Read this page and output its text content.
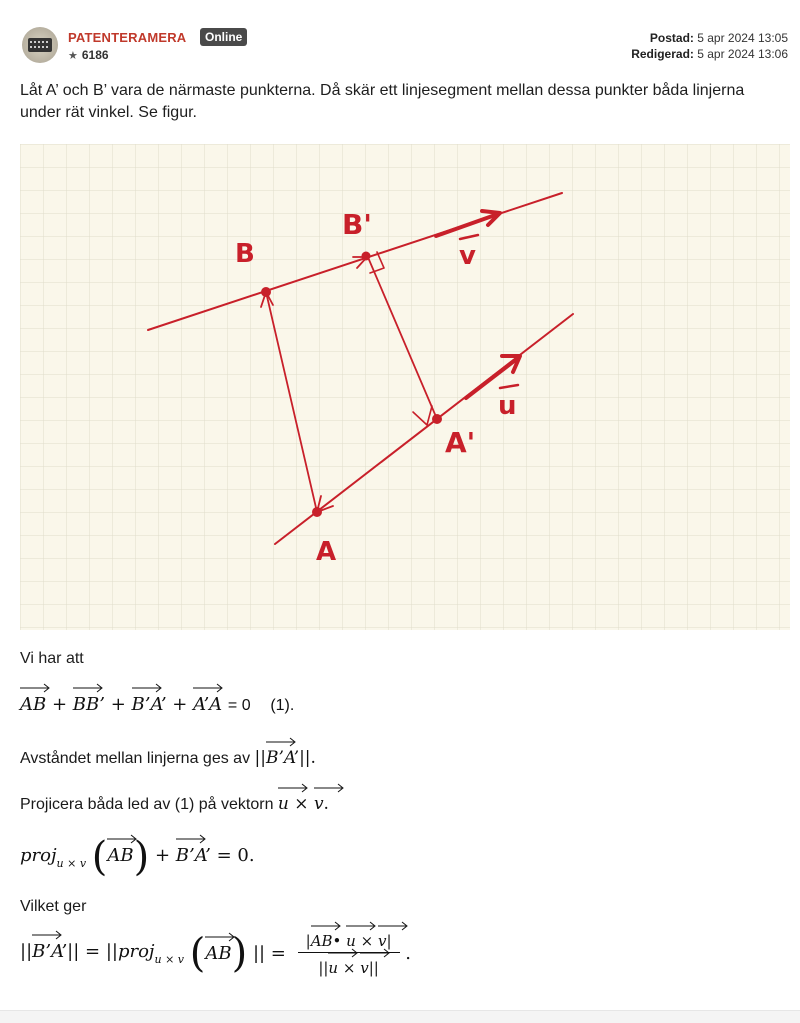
PATENTERAMERA	Online
★ 6186
Postad: 5 apr 2024 13:05
Redigerad: 5 apr 2024 13:06
Låt A’ och B’ vara de närmaste punkterna. Då skär ett linjesegment mellan dessa punkter båda linjerna under rät vinkel. Se figur.
B
B'
A
A'
v
u
Vi har att
AB
+ BB’
+ B’A’
+ A’A = 0 (1).
Avståndet mellan linjerna ges av ||B’A’
||.
Projicera båda led av (1) på vektorn u
× v
.
proj$_{u \times v}$ (AB
) + B’A’
= 0.
Vilket ger
||B’A’
|| = ||proj$_{u \times v}$ (AB
) || = |AB
• u
× v
|
||u
× v
|| .
